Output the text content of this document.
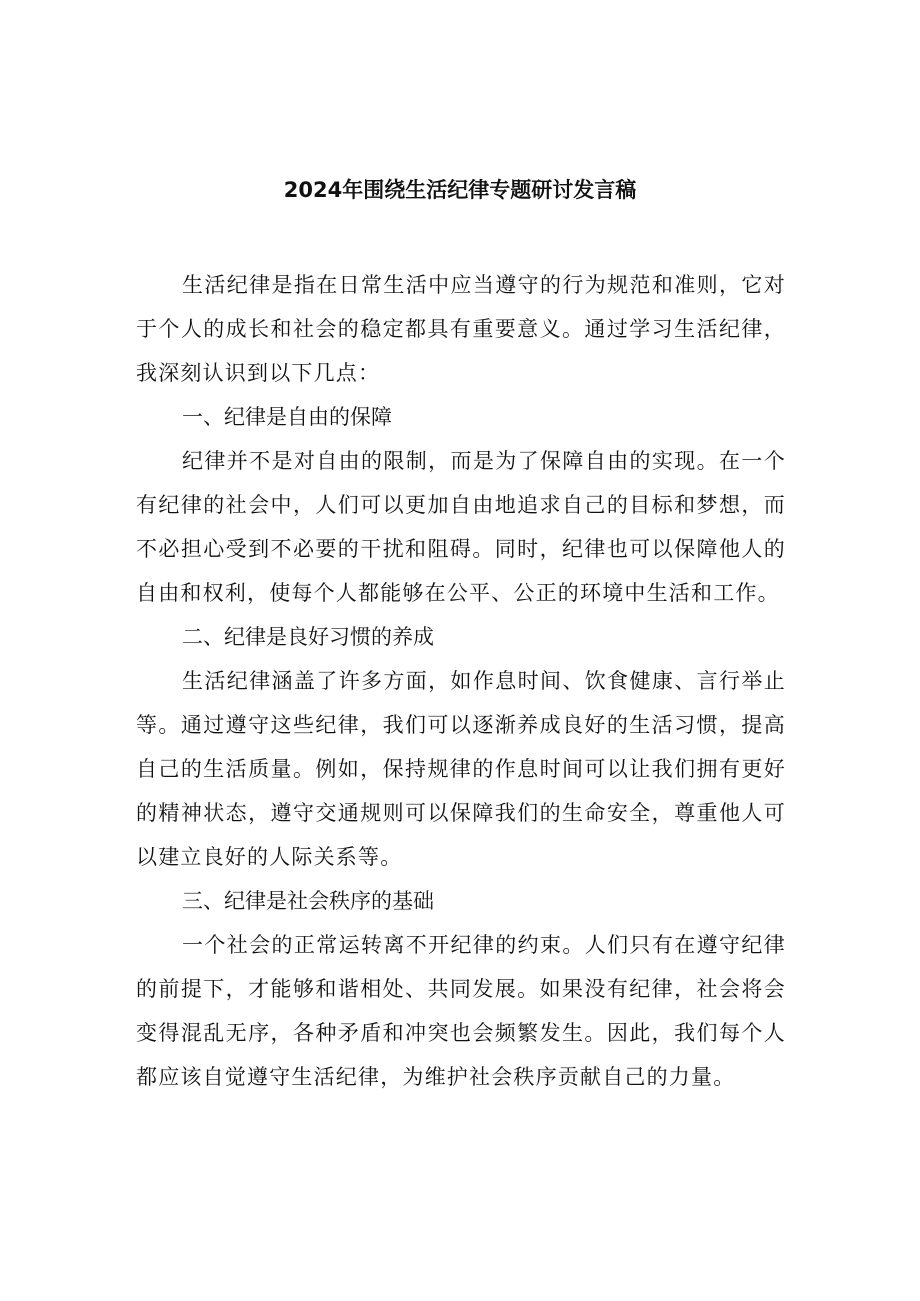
2024年围绕生活纪律专题研讨发言稿

生活纪律是指在日常生活中应当遵守的行为规范和准则，它对于个人的成长和社会的稳定都具有重要意义。通过学习生活纪律，我深刻认识到以下几点：

一、纪律是自由的保障

纪律并不是对自由的限制，而是为了保障自由的实现。在一个有纪律的社会中，人们可以更加自由地追求自己的目标和梦想，而不必担心受到不必要的干扰和阻碍。同时，纪律也可以保障他人的自由和权利，使每个人都能够在公平、公正的环境中生活和工作。

二、纪律是良好习惯的养成

生活纪律涵盖了许多方面，如作息时间、饮食健康、言行举止等。通过遵守这些纪律，我们可以逐渐养成良好的生活习惯，提高自己的生活质量。例如，保持规律的作息时间可以让我们拥有更好的精神状态，遵守交通规则可以保障我们的生命安全，尊重他人可以建立良好的人际关系等。

三、纪律是社会秩序的基础

一个社会的正常运转离不开纪律的约束。人们只有在遵守纪律的前提下，才能够和谐相处、共同发展。如果没有纪律，社会将会变得混乱无序，各种矛盾和冲突也会频繁发生。因此，我们每个人都应该自觉遵守生活纪律，为维护社会秩序贡献自己的力量。
